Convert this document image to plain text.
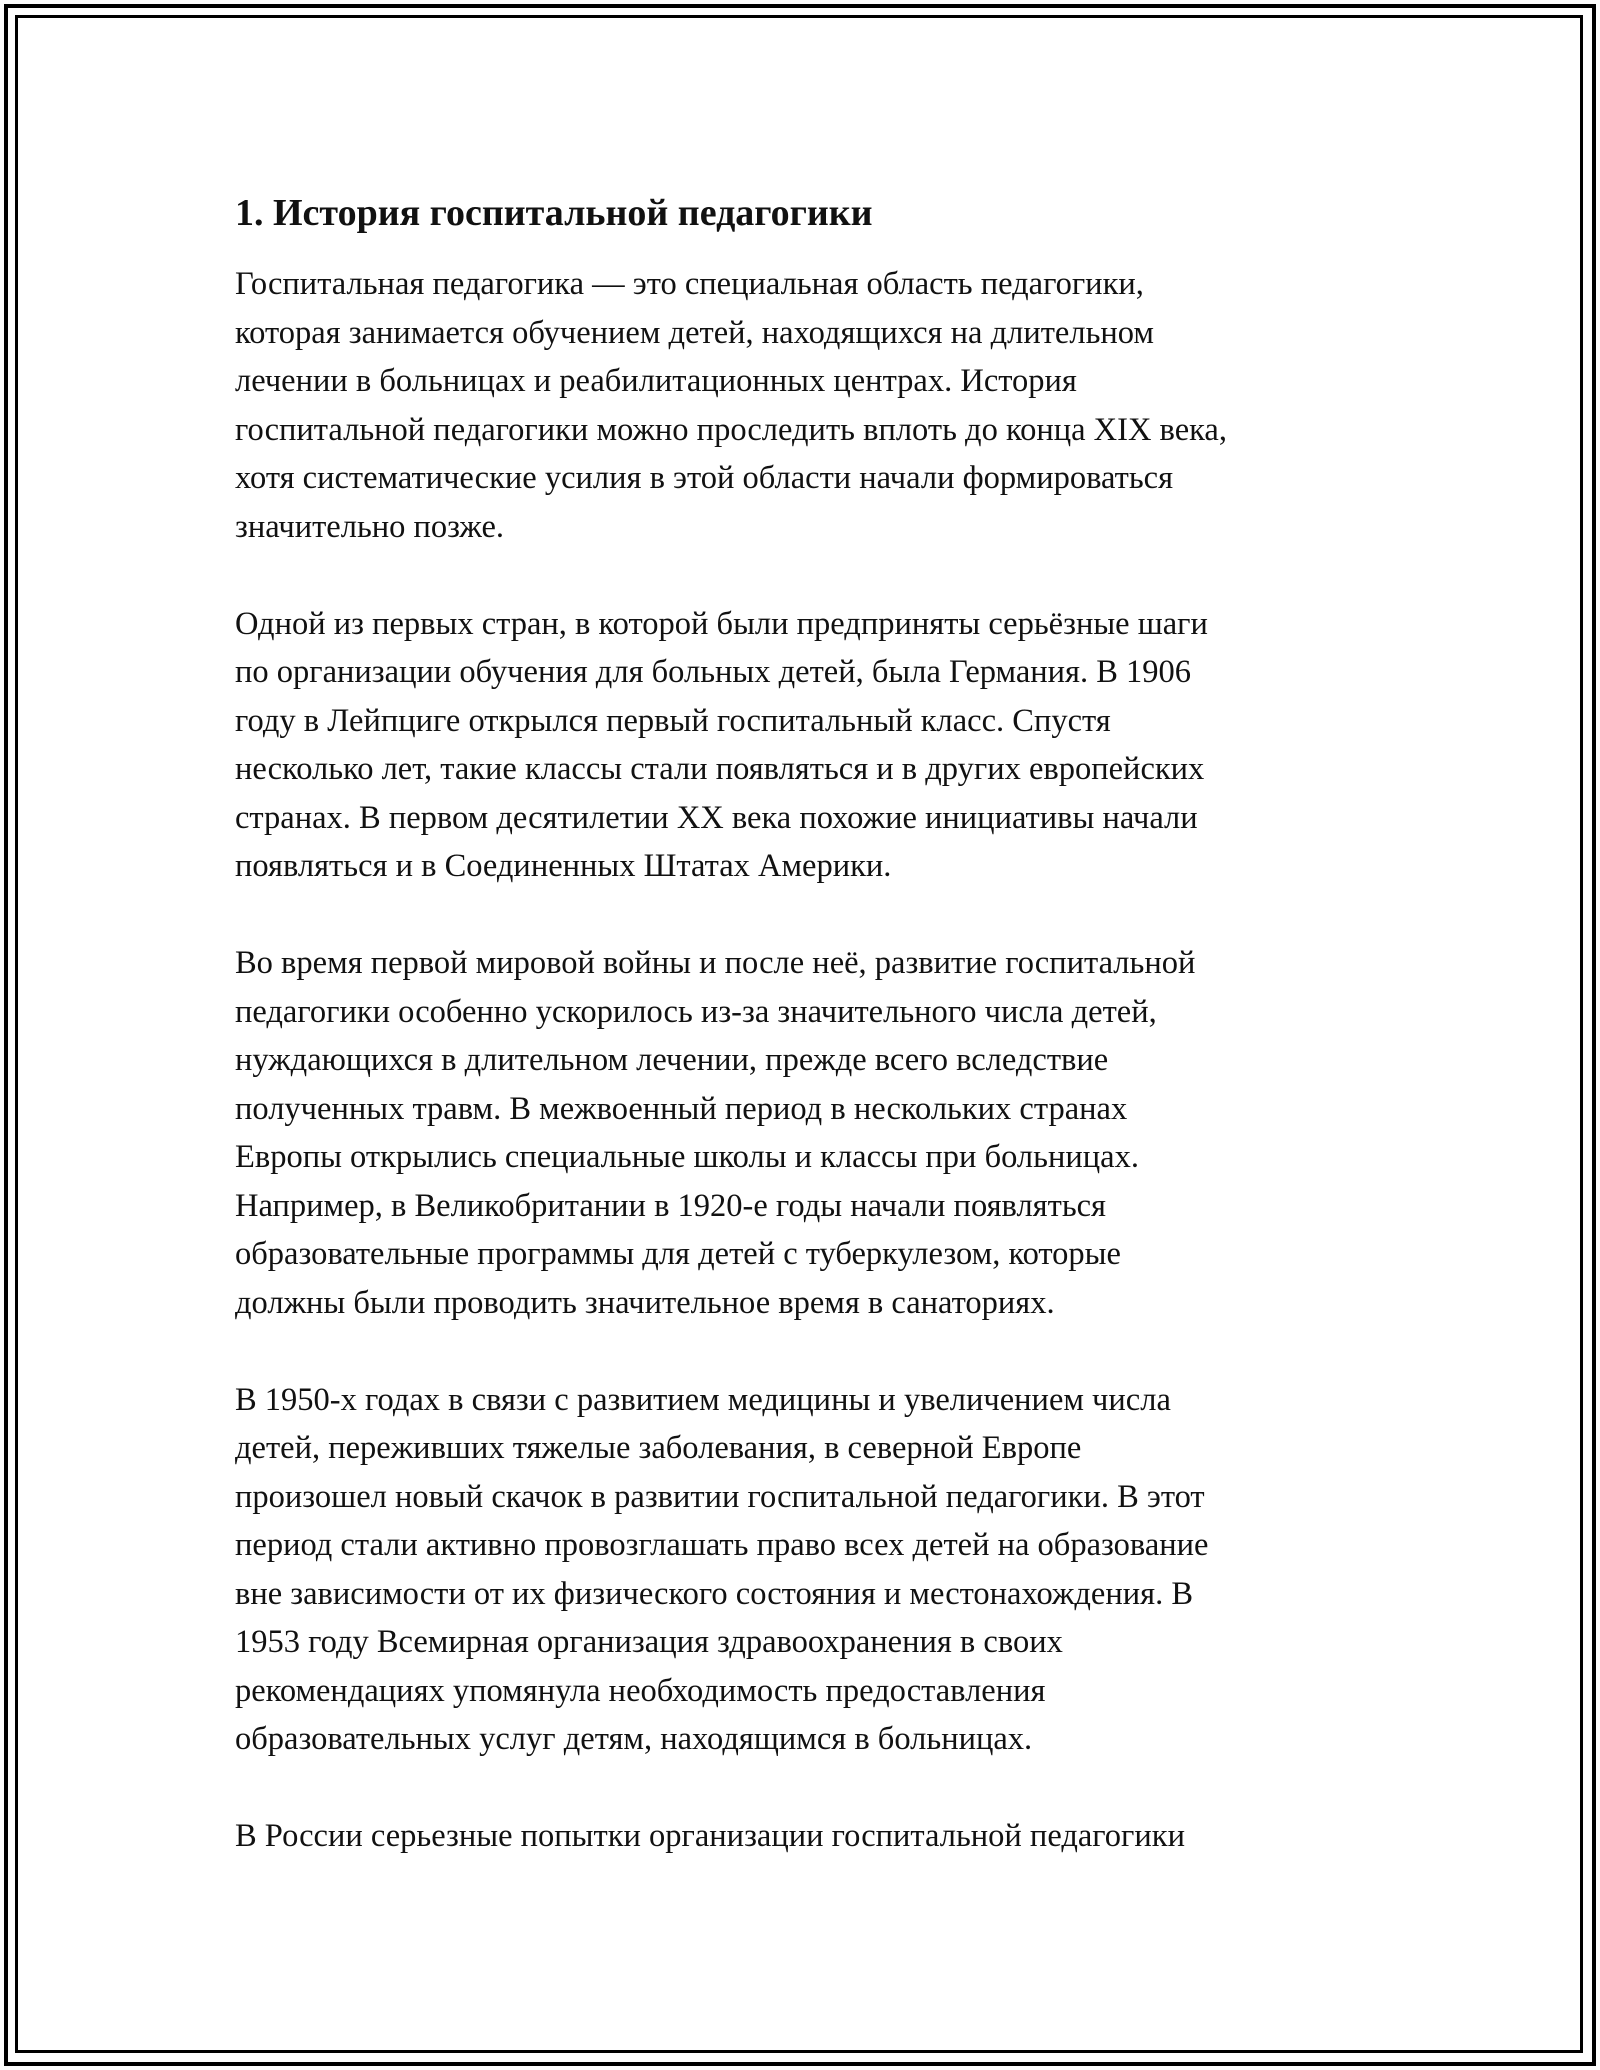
1. История госпитальной педагогики

Госпитальная педагогика — это специальная область педагогики,
которая занимается обучением детей, находящихся на длительном
лечении в больницах и реабилитационных центрах. История
госпитальной педагогики можно проследить вплоть до конца XIX века,
хотя систематические усилия в этой области начали формироваться
значительно позже.

Одной из первых стран, в которой были предприняты серьёзные шаги
по организации обучения для больных детей, была Германия. В 1906
году в Лейпциге открылся первый госпитальный класс. Спустя
несколько лет, такие классы стали появляться и в других европейских
странах. В первом десятилетии XX века похожие инициативы начали
появляться и в Соединенных Штатах Америки.

Во время первой мировой войны и после неё, развитие госпитальной
педагогики особенно ускорилось из-за значительного числа детей,
нуждающихся в длительном лечении, прежде всего вследствие
полученных травм. В межвоенный период в нескольких странах
Европы открылись специальные школы и классы при больницах.
Например, в Великобритании в 1920-е годы начали появляться
образовательные программы для детей с туберкулезом, которые
должны были проводить значительное время в санаториях.

В 1950-х годах в связи с развитием медицины и увеличением числа
детей, переживших тяжелые заболевания, в северной Европе
произошел новый скачок в развитии госпитальной педагогики. В этот
период стали активно провозглашать право всех детей на образование
вне зависимости от их физического состояния и местонахождения. В
1953 году Всемирная организация здравоохранения в своих
рекомендациях упомянула необходимость предоставления
образовательных услуг детям, находящимся в больницах.

В России серьезные попытки организации госпитальной педагогики
